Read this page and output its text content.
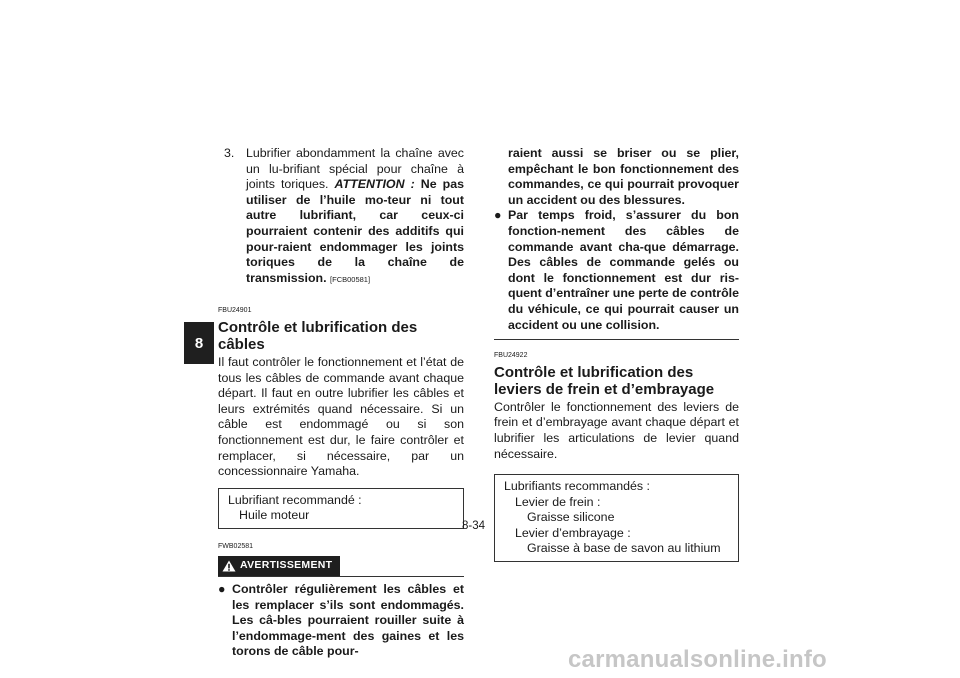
8
3. Lubrifier abondamment la chaîne avec un lu-brifiant spécial pour chaîne à joints toriques. ATTENTION : Ne pas utiliser de l’huile mo-teur ni tout autre lubrifiant, car ceux-ci pourraient contenir des additifs qui pour-raient endommager les joints toriques de la chaîne de transmission. [FCB00581]
FBU24901
Contrôle et lubrification des câbles
Il faut contrôler le fonctionnement et l’état de tous les câbles de commande avant chaque départ. Il faut en outre lubrifier les câbles et leurs extrémités quand nécessaire. Si un câble est endommagé ou si son fonctionnement est dur, le faire contrôler et remplacer, si nécessaire, par un concessionnaire Yamaha.
Lubrifiant recommandé :
Huile moteur
FWB02581
AVERTISSEMENT
● Contrôler régulièrement les câbles et les remplacer s’ils sont endommagés. Les câ-bles pourraient rouiller suite à l’endommage-ment des gaines et les torons de câble pour-
raient aussi se briser ou se plier, empêchant le bon fonctionnement des commandes, ce qui pourrait provoquer un accident ou des blessures.
● Par temps froid, s’assurer du bon fonction-nement des câbles de commande avant cha-que démarrage. Des câbles de commande gelés ou dont le fonctionnement est dur ris-quent d’entraîner une perte de contrôle du véhicule, ce qui pourrait causer un accident ou une collision.
FBU24922
Contrôle et lubrification des leviers de frein et d’embrayage
Contrôler le fonctionnement des leviers de frein et d’embrayage avant chaque départ et lubrifier les articulations de levier quand nécessaire.
Lubrifiants recommandés :
Levier de frein :
Graisse silicone
Levier d’embrayage :
Graisse à base de savon au lithium
8-34
carmanualsonline.info
